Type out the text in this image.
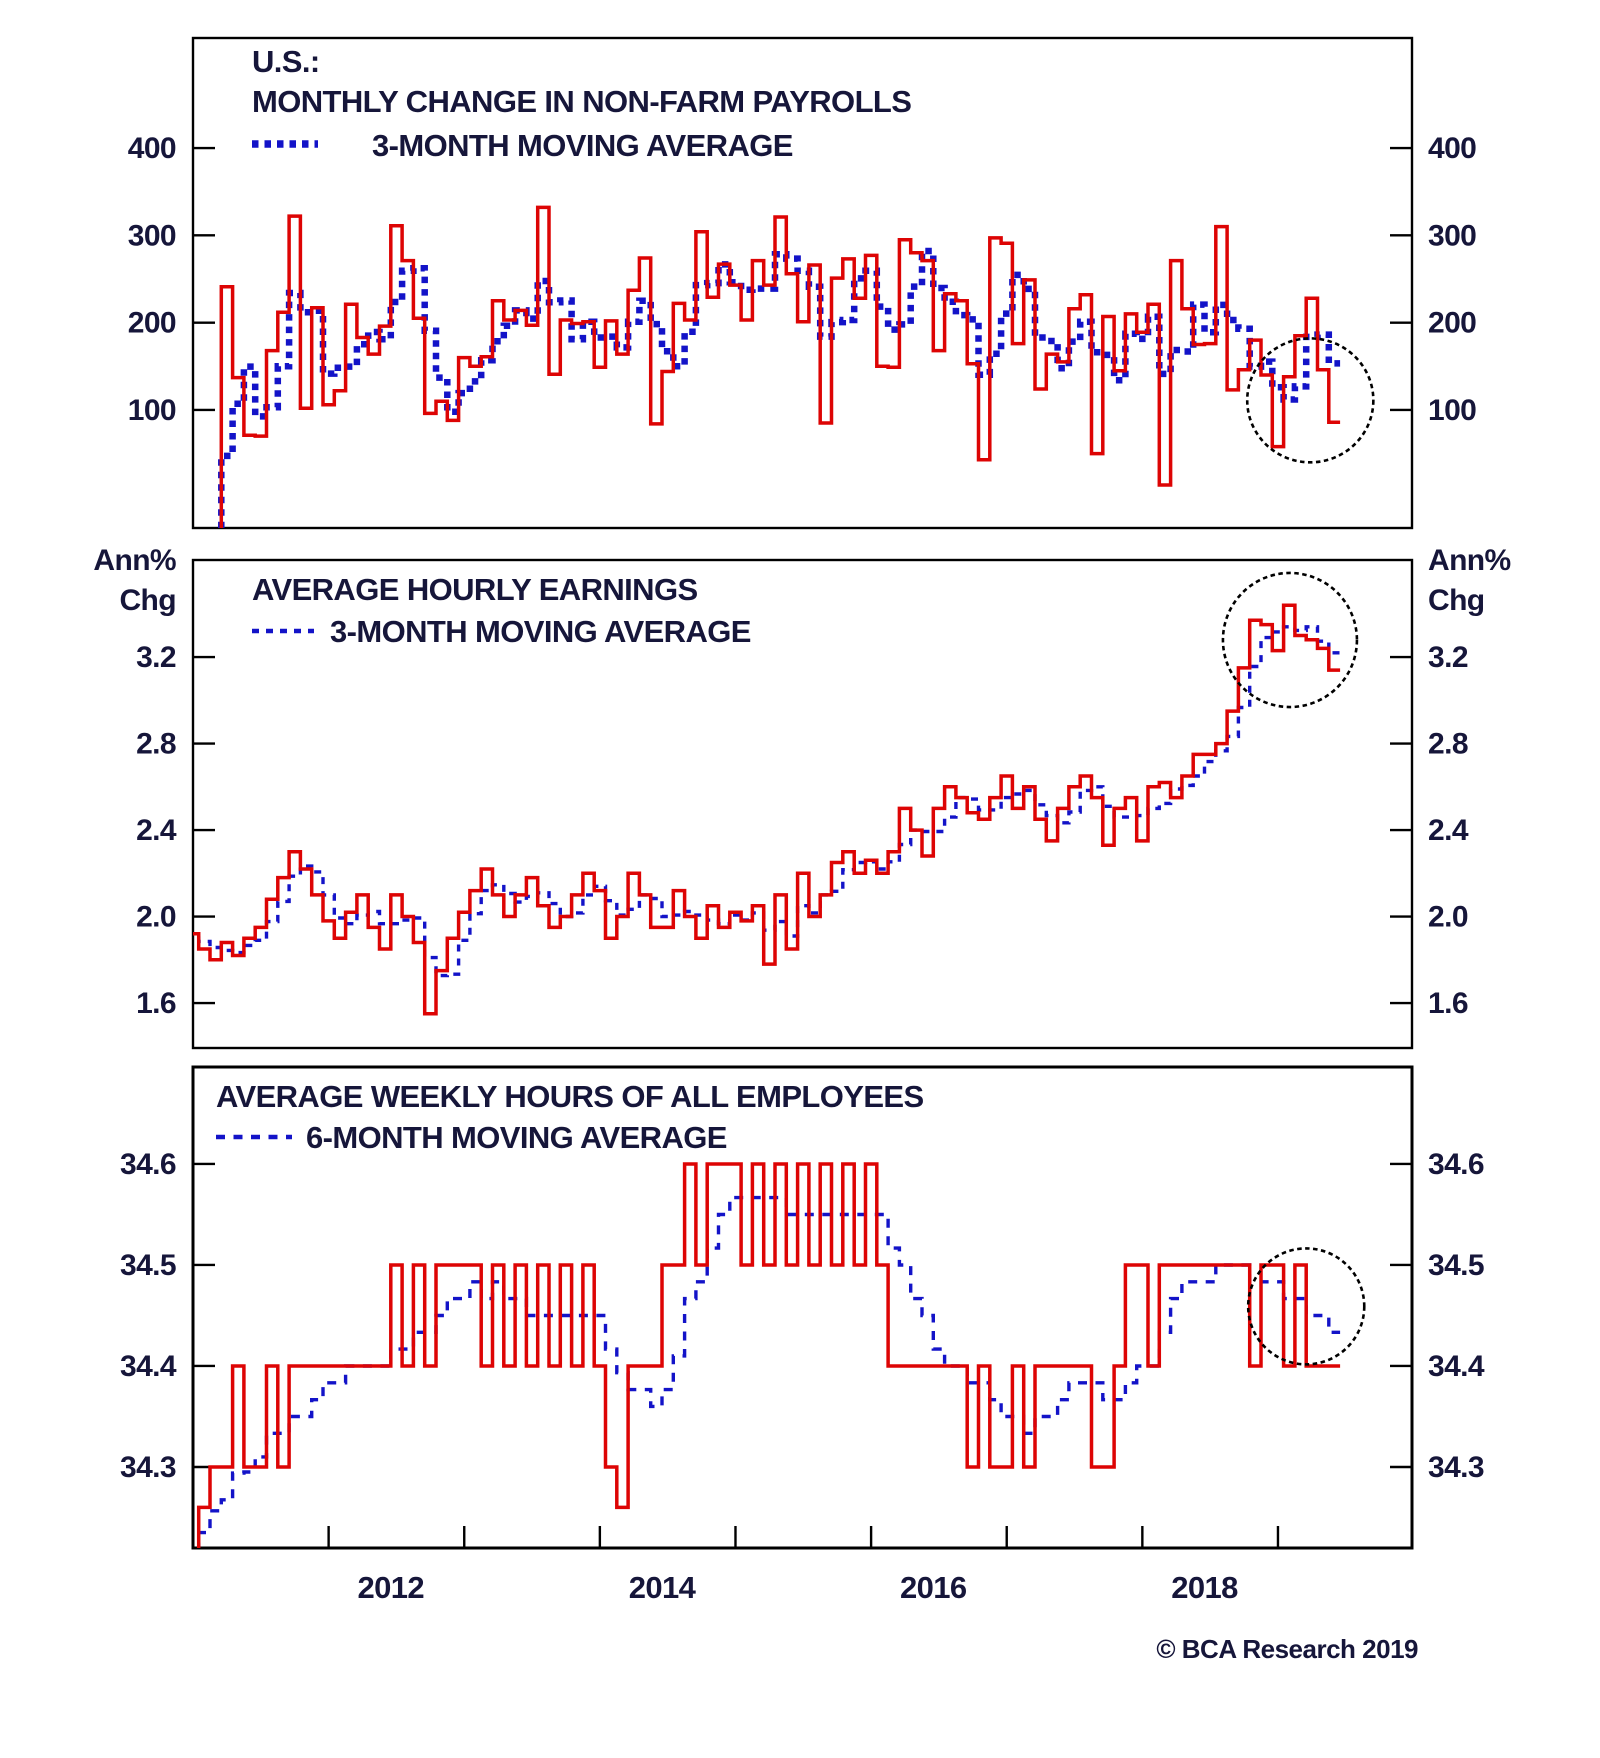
400	400
300	300
200	200
100	100
U.S.:
MONTHLY CHANGE IN NON-FARM PAYROLLS
3-MONTH MOVING AVERAGE
3.2	3.2
2.8	2.8
2.4	2.4
2.0	2.0
1.6	1.6
Ann%	Ann%
Chg	Chg
AVERAGE HOURLY EARNINGS
3-MONTH MOVING AVERAGE
34.6	34.6
34.5	34.5
34.4	34.4
34.3	34.3
AVERAGE WEEKLY HOURS OF ALL EMPLOYEES
6-MONTH MOVING AVERAGE
2012	2014	2016	2018
© BCA Research 2019
